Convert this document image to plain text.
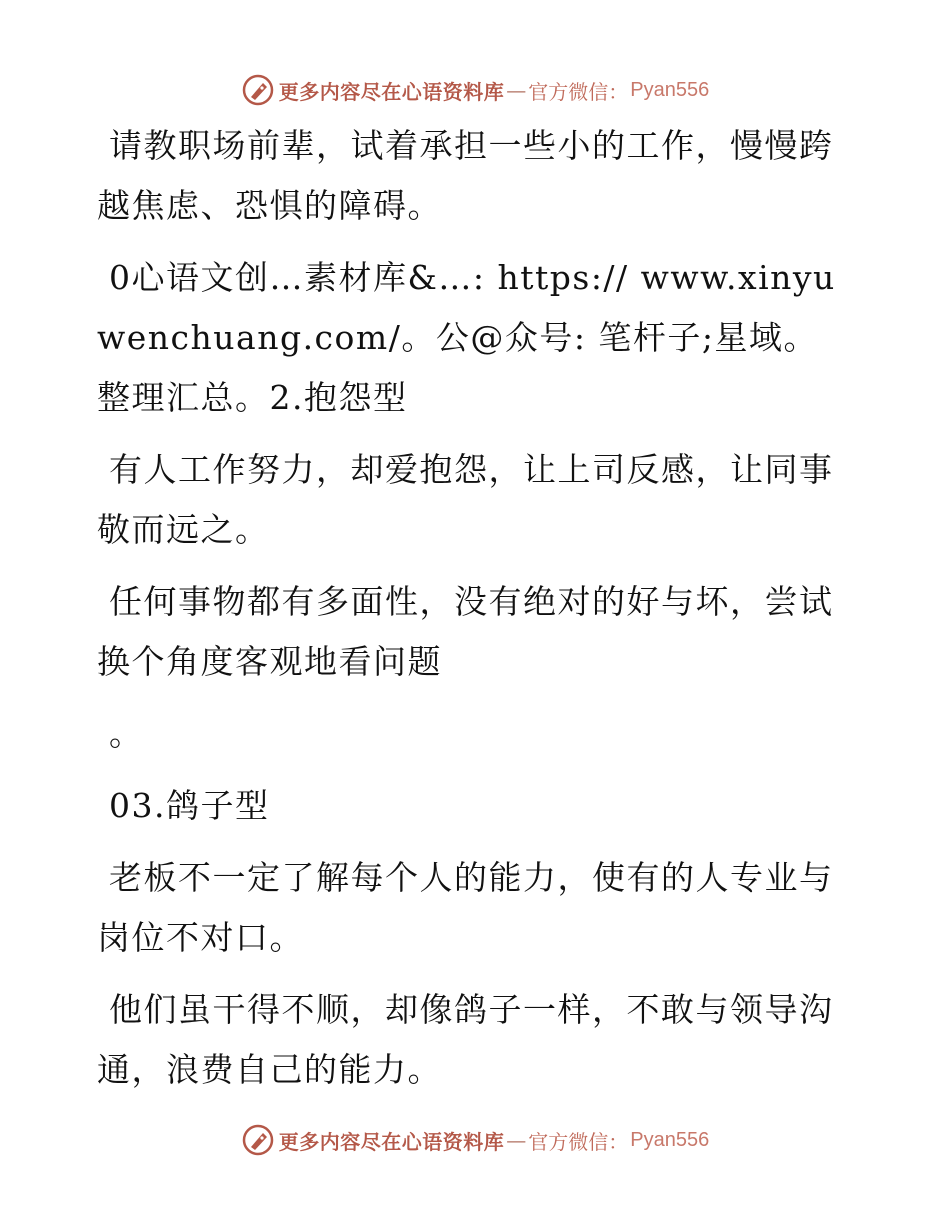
更多内容尽在心语资料库 — 官方微信： Pyan556

请教职场前辈，试着承担一些小的工作，慢慢跨越焦虑、恐惧的障碍。

0心语文创…素材库&…: https:// www.xinyuwenchuang.com/。公@众号: 笔杆子;星域。整理汇总。2.抱怨型

有人工作努力，却爱抱怨，让上司反感，让同事敬而远之。

任何事物都有多面性，没有绝对的好与坏，尝试换个角度客观地看问题

。

03.鸽子型

老板不一定了解每个人的能力，使有的人专业与岗位不对口。

他们虽干得不顺，却像鸽子一样，不敢与领导沟通，浪费自己的能力。

更多内容尽在心语资料库 — 官方微信： Pyan556
